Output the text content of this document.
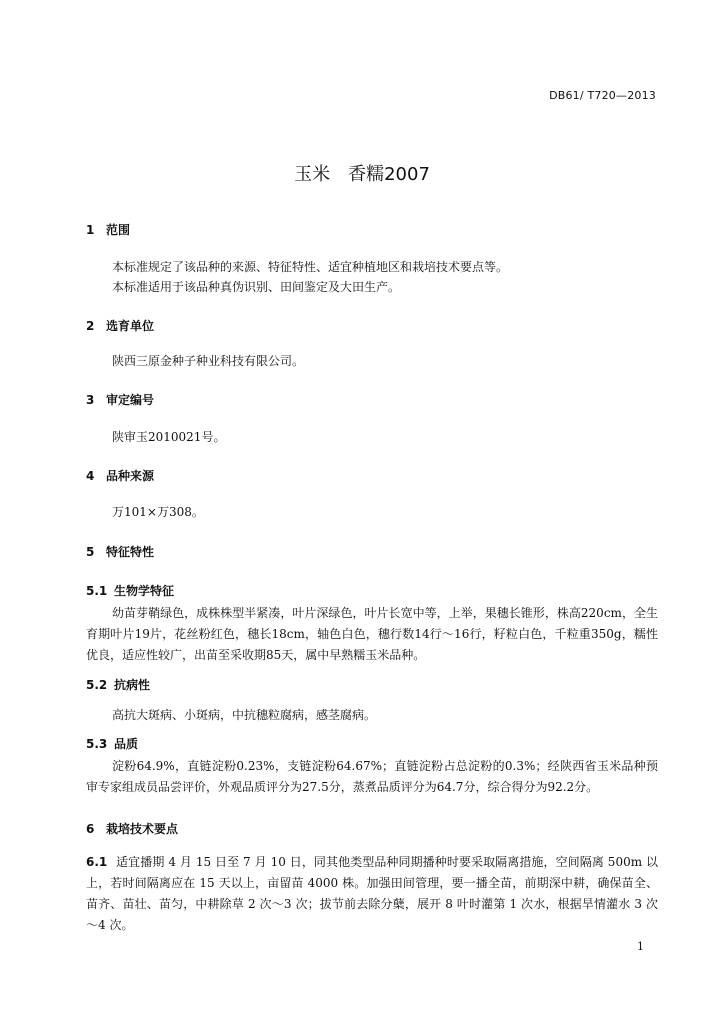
DB61/ T720—2013
玉米　香糯2007
1 范围
本标准规定了该品种的来源、特征特性、适宜种植地区和栽培技术要点等。
本标准适用于该品种真伪识别、田间鉴定及大田生产。
2 选育单位
陕西三原金种子种业科技有限公司。
3 审定编号
陕审玉2010021号。
4 品种来源
万101×万308。
5 特征特性
5.1 生物学特征
幼苗芽鞘绿色，成株株型半紧凑，叶片深绿色，叶片长宽中等，上举，果穗长锥形，株高220cm，全生育期叶片19片，花丝粉红色，穗长18cm，轴色白色，穗行数14行～16行，籽粒白色，千粒重350g，糯性优良，适应性较广，出苗至采收期85天，属中早熟糯玉米品种。
5.2 抗病性
高抗大斑病、小斑病，中抗穗粒腐病，感茎腐病。
5.3 品质
淀粉64.9%，直链淀粉0.23%，支链淀粉64.67%；直链淀粉占总淀粉的0.3%；经陕西省玉米品种预审专家组成员品尝评价，外观品质评分为27.5分，蒸煮品质评分为64.7分，综合得分为92.2分。
6 栽培技术要点
6.1 适宜播期 4 月 15 日至 7 月 10 日，同其他类型品种同期播种时要采取隔离措施，空间隔离 500m 以上，若时间隔离应在 15 天以上，亩留苗 4000 株。加强田间管理，要一播全苗，前期深中耕，确保苗全、苗齐、苗壮、苗匀，中耕除草 2 次～3 次；拔节前去除分蘖，展开 8 叶时灌第 1 次水，根据旱情灌水 3 次～4 次。
1
